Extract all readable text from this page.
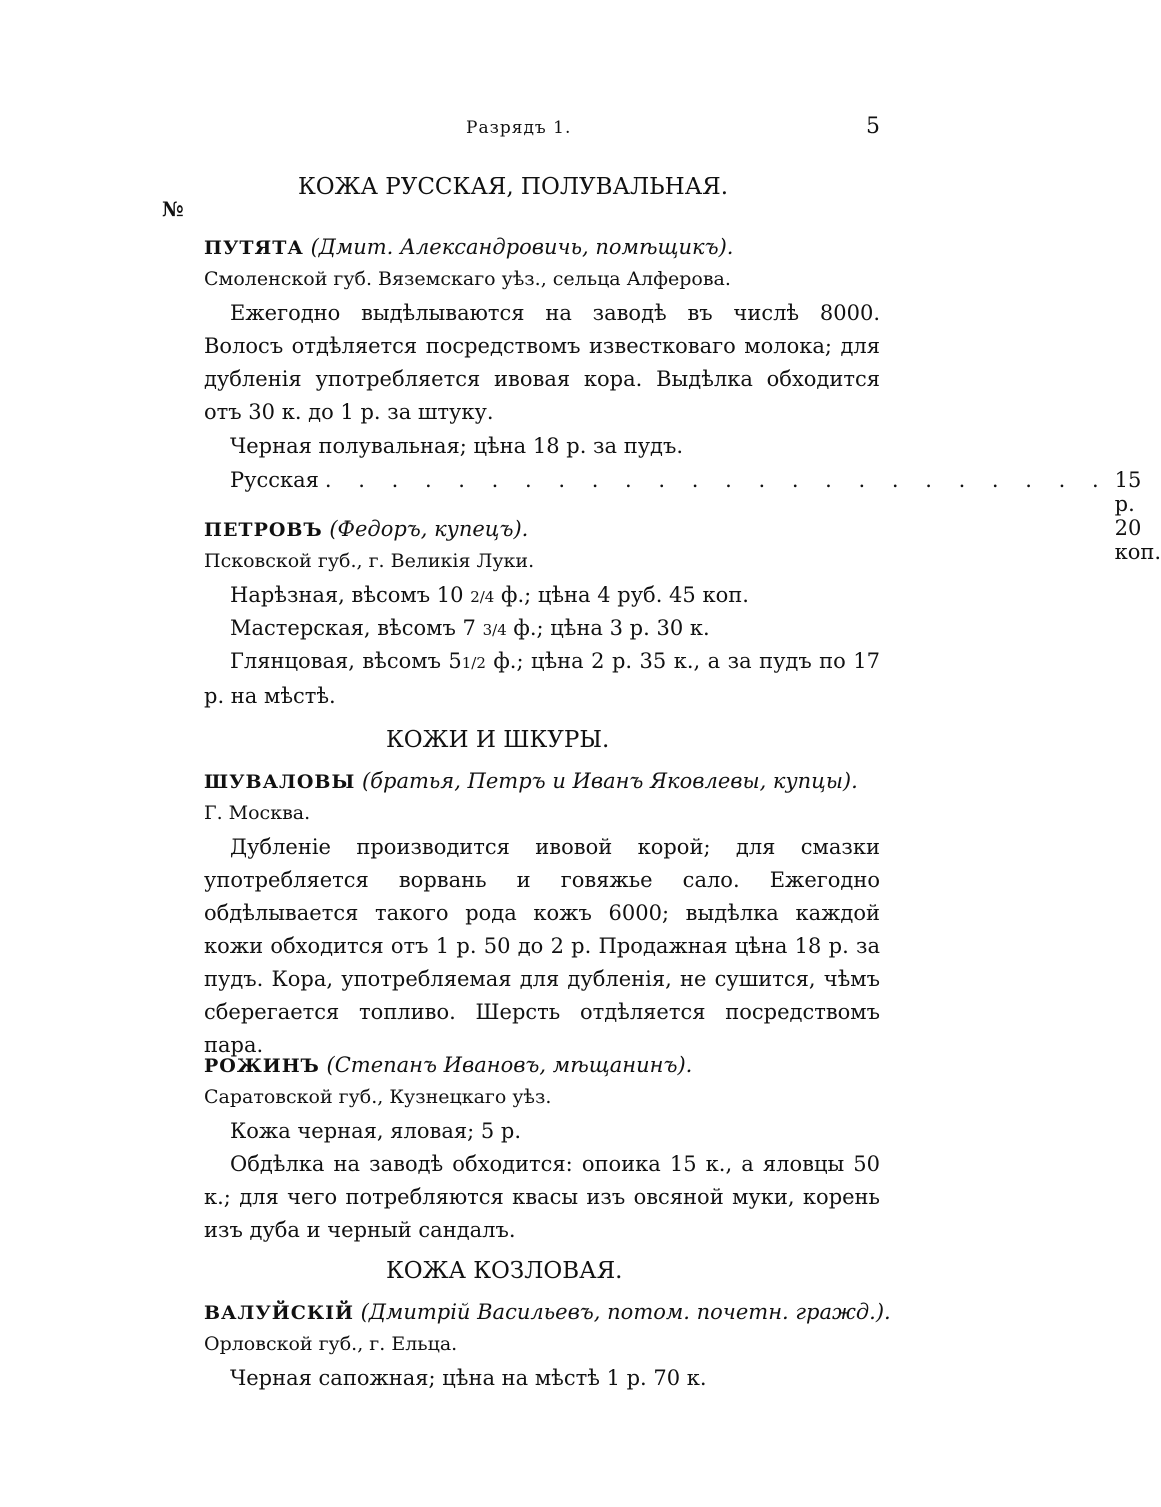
Разрядъ 1.	5
КОЖА РУССКАЯ, ПОЛУВАЛЬНАЯ.
№
ПУТЯТА (Дмит. Александровичь, помѣщикъ).
Смоленской губ. Вяземскаго уѣз., сельца Алферова.
Ежегодно выдѣлываются на заводѣ въ числѣ 8000. Волосъ отдѣляется посредствомъ известковаго молока; для дубленія употребляется ивовая кора. Выдѣлка обходится отъ 30 к. до 1 р. за штуку.
Черная полувальная; цѣна 18 р. за пудъ.
Русская . . . . . . . . . . . . . . . . . . . . . . . . 15 р. 20 коп.
ПЕТРОВЪ (Федоръ, купецъ).
Псковской губ., г. Великія Луки.
Нарѣзная, вѣсомъ 10 2/4 ф.; цѣна 4 руб. 45 коп.
Мастерская, вѣсомъ 7 3/4 ф.; цѣна 3 р. 30 к.
Глянцовая, вѣсомъ 51/2 ф.; цѣна 2 р. 35 к., а за пудъ по 17 р. на мѣстѣ.
КОЖИ И ШКУРЫ.
ШУВАЛОВЫ (братья, Петръ и Иванъ Яковлевы, купцы).
Г. Москва.
Дубленіе производится ивовой корой; для смазки употребляется ворвань и говяжье сало. Ежегодно обдѣлывается такого рода кожъ 6000; выдѣлка каждой кожи обходится отъ 1 р. 50 до 2 р. Продажная цѣна 18 р. за пудъ. Кора, употребляемая для дубленія, не сушится, чѣмъ сберегается топливо. Шерсть отдѣляется посредствомъ пара.
РОЖИНЪ (Степанъ Ивановъ, мѣщанинъ).
Саратовской губ., Кузнецкаго уѣз.
Кожа черная, яловая; 5 р.
Обдѣлка на заводѣ обходится: опоика 15 к., а яловцы 50 к.; для чего потребляются квасы изъ овсяной муки, корень изъ дуба и черный сандалъ.
КОЖА КОЗЛОВАЯ.
ВАЛУЙСКІЙ (Дмитрій Васильевъ, потом. почетн. гражд.).
Орловской губ., г. Ельца.
Черная сапожная; цѣна на мѣстѣ 1 р. 70 к.
